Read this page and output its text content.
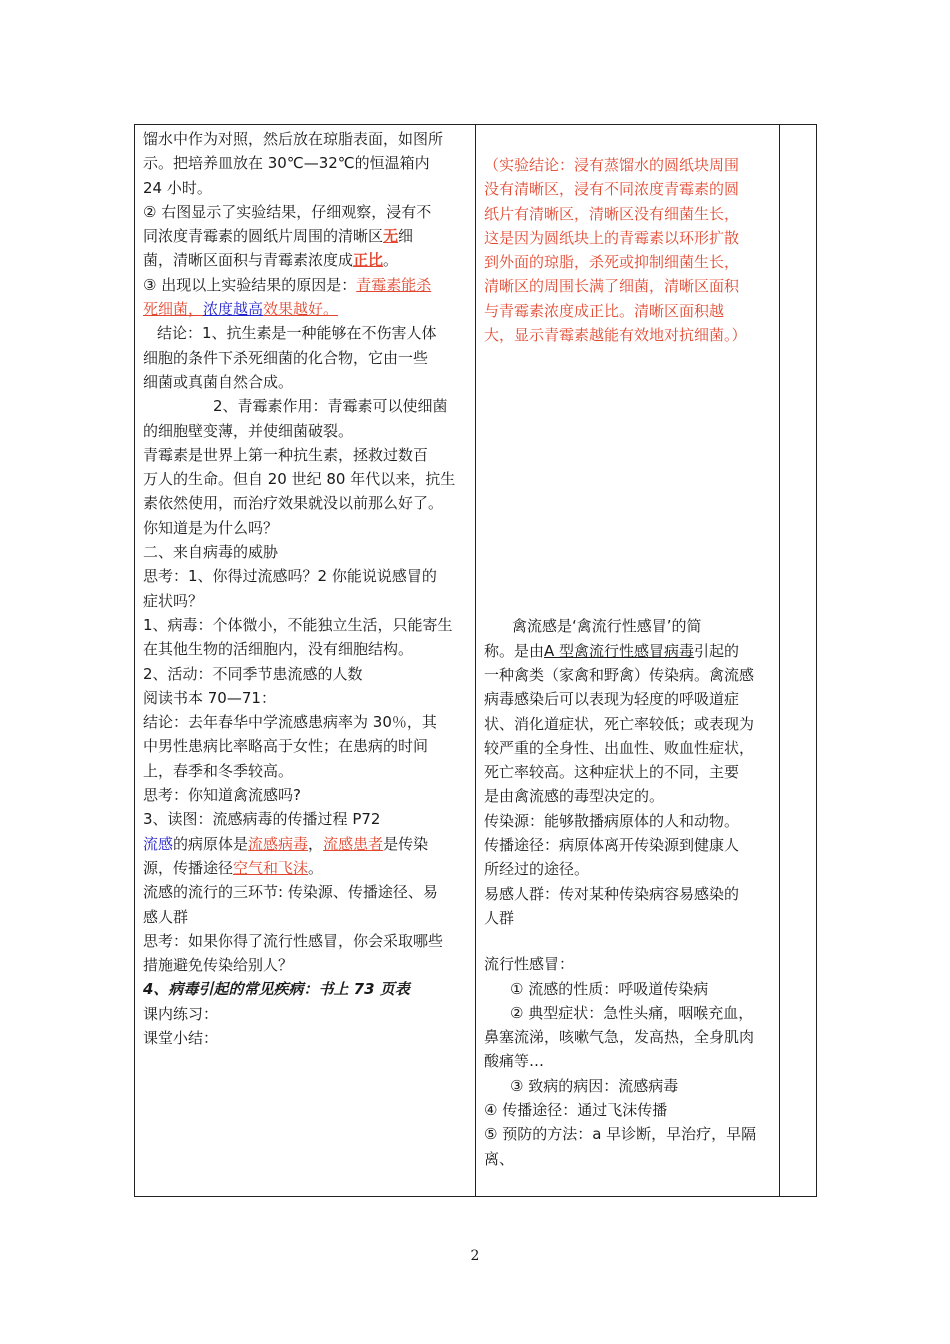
馏水中作为对照，然后放在琼脂表面，如图所

示。把培养皿放在 30℃—32℃的恒温箱内

24 小时。

② 右图显示了实验结果，仔细观察，浸有不

同浓度青霉素的圆纸片周围的清晰区无细

菌，清晰区面积与青霉素浓度成正比。

③ 出现以上实验结果的原因是：青霉素能杀

死细菌，浓度越高效果越好。

结论：1、抗生素是一种能够在不伤害人体

细胞的条件下杀死细菌的化合物，它由一些

细菌或真菌自然合成。

2、青霉素作用：青霉素可以使细菌

的细胞壁变薄，并使细菌破裂。

青霉素是世界上第一种抗生素，拯救过数百

万人的生命。但自 20 世纪 80 年代以来，抗生

素依然使用，而治疗效果就没以前那么好了。

你知道是为什么吗？

二、来自病毒的威胁

思考：1、你得过流感吗？2 你能说说感冒的

症状吗？

1、病毒：个体微小，不能独立生活，只能寄生

在其他生物的活细胞内，没有细胞结构。

2、活动：不同季节患流感的人数

阅读书本 70—71：

结论：去年春华中学流感患病率为 30％，其

中男性患病比率略高于女性；在患病的时间

上，春季和冬季较高。

思考：你知道禽流感吗?

3、读图：流感病毒的传播过程 P72

流感的病原体是流感病毒，流感患者是传染

源，传播途径空气和飞沫。

流感的流行的三环节: 传染源、传播途径、易

感人群

思考：如果你得了流行性感冒，你会采取哪些

措施避免传染给别人？

4、病毒引起的常见疾病：书上 73 页表

课内练习：

课堂小结：

（实验结论：浸有蒸馏水的圆纸块周围

没有清晰区，浸有不同浓度青霉素的圆

纸片有清晰区，清晰区没有细菌生长，

这是因为圆纸块上的青霉素以环形扩散

到外面的琼脂，杀死或抑制细菌生长，

清晰区的周围长满了细菌，清晰区面积

与青霉素浓度成正比。清晰区面积越

大，显示青霉素越能有效地对抗细菌。）

禽流感是‘禽流行性感冒’的简

称。是由A 型禽流行性感冒病毒引起的

一种禽类（家禽和野禽）传染病。禽流感

病毒感染后可以表现为轻度的呼吸道症

状、消化道症状，死亡率较低；或表现为

较严重的全身性、出血性、败血性症状，

死亡率较高。这种症状上的不同，主要

是由禽流感的毒型决定的。

传染源：能够散播病原体的人和动物。

传播途径：病原体离开传染源到健康人

所经过的途径。

易感人群：传对某种传染病容易感染的

人群

流行性感冒：

① 流感的性质：呼吸道传染病

② 典型症状：急性头痛，咽喉充血，

鼻塞流涕，咳嗽气急，发高热，全身肌肉

酸痛等…

③ 致病的病因：流感病毒

④ 传播途径：通过飞沫传播

⑤ 预防的方法：a 早诊断，早治疗，早隔

离、

2
